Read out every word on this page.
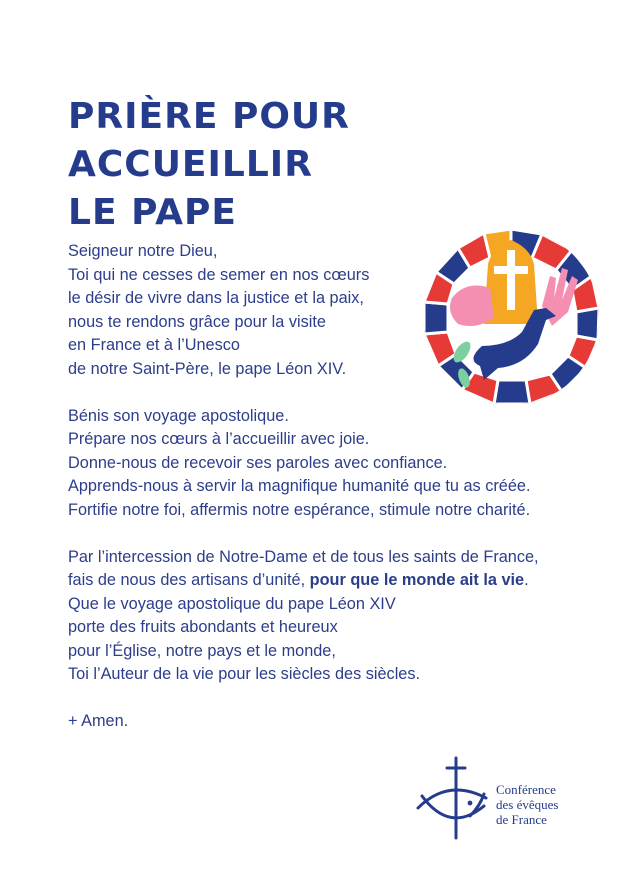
PRIÈRE POUR ACCUEILLIR
LE PAPE
Seigneur notre Dieu,
Toi qui ne cesses de semer en nos cœurs
le désir de vivre dans la justice et la paix,
nous te rendons grâce pour la visite
en France et à l’Unesco
de notre Saint-Père, le pape Léon XIV.
Bénis son voyage apostolique.
Prépare nos cœurs à l’accueillir avec joie.
Donne-nous de recevoir ses paroles avec confiance.
Apprends-nous à servir la magnifique humanité que tu as créée.
Fortifie notre foi, affermis notre espérance, stimule notre charité.
Par l’intercession de Notre-Dame et de tous les saints de France,
fais de nous des artisans d’unité, pour que le monde ait la vie.
Que le voyage apostolique du pape Léon XIV
porte des fruits abondants et heureux
pour l’Église, notre pays et le monde,
Toi l’Auteur de la vie pour les siècles des siècles.
+ Amen.
Conférence
des évêques
de France
